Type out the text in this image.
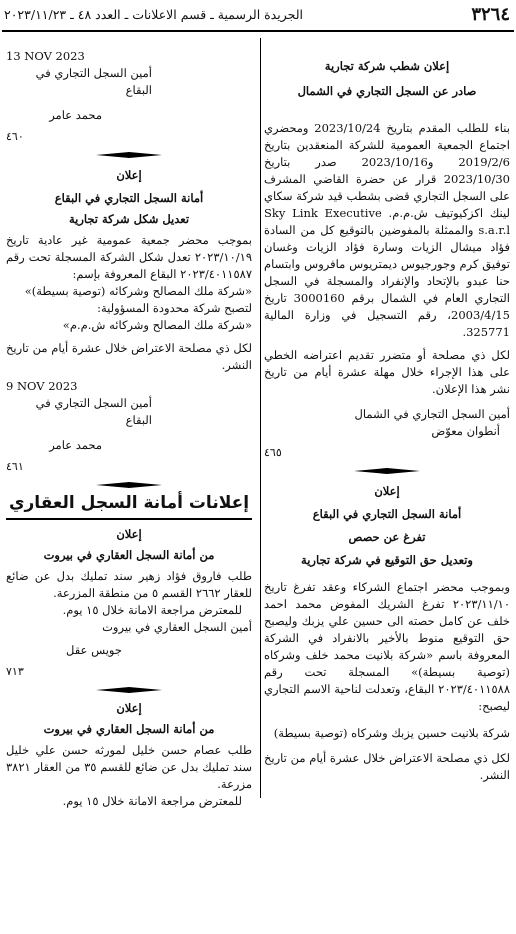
٣٢٦٤
الجريدة الرسمية ـ قسم الاعلانات ـ العدد ٤٨ ـ ٢٠٢٣/١١/٢٣

إعلان شطب شركة تجارية

صادر عن السجل التجاري في الشمال

بناء للطلب المقدم بتاريخ 2023/10/24 ومحضري اجتماع الجمعية العمومية للشركة المنعقدين بتاريخ 2019/2/6 و2023/10/16 صدر بتاريخ 2023/10/30 قرار عن حضرة القاضي المشرف على السجل التجاري قضى بشطب قيد شركة سكاي لينك اكزكيوتيف ش.م.م. Sky Link Executive s.a.r.l والممثلة بالمفوضين بالتوقيع كل من السادة فؤاد ميشال الزيات وسارة فؤاد الزيات وغسان توفيق كرم وجورجيوس ديمتريوس مافروس وابتسام حنا عبدو بالإتحاد والإنفراد والمسجلة في السجل التجاري العام في الشمال برقم 3000160 تاريخ 2003/4/15، رقم التسجيل في وزارة المالية 325771.

لكل ذي مصلحة أو متضرر تقديم اعتراضه الخطي على هذا الإجراء خلال مهلة عشرة أيام من تاريخ نشر هذا الإعلان.

أمين السجل التجاري في الشمال

أنطوان معوّض

٤٦٥

إعلان

أمانة السجل التجاري في البقاع

تفرغ عن حصص

وتعديل حق التوقيع في شركة تجارية

وبموجب محضر اجتماع الشركاء وعقد تفرغ تاريخ ٢٠٢٣/١١/١٠ تفرغ الشريك المفوض محمد احمد خلف عن كامل حصته الى حسين علي يزبك وليصبح حق التوقيع منوط بالأخير بالانفراد في الشركة المعروفة باسم «شركة بلانيت محمد خلف وشركاه (توصية بسيطة)» المسجلة تحت رقم ٢٠٢٣/٤٠١١٥٨٨ البقاع، وتعدلت لناحية الاسم التجاري ليصبح:

شركة بلانيت حسين يزبك وشركاه (توصية بسيطة)

لكل ذي مصلحة الاعتراض خلال عشرة أيام من تاريخ النشر.

13 NOV 2023

أمين السجل التجاري في البقاع

محمد عامر

٤٦٠

إعلان

أمانة السجل التجاري في البقاع

تعديل شكل شركة تجارية

بموجب محضر جمعية عمومية غير عادية تاريخ ٢٠٢٣/١٠/١٩ تعدل شكل الشركة المسجلة تحت رقم ٢٠٢٣/٤٠١١٥٨٧ البقاع المعروفة بإسم:

«شركة ملك المصالح وشركائه (توصية بسيطة)»

لتصبح شركة محدودة المسؤولية:

«شركة ملك المصالح وشركائه ش.م.م»

لكل ذي مصلحة الاعتراض خلال عشرة أيام من تاريخ النشر.

9 NOV 2023

أمين السجل التجاري في البقاع

محمد عامر

٤٦١
إعلانات أمانة السجل العقاري

إعلان

من أمانة السجل العقاري في بيروت

طلب فاروق فؤاد زهير سند تمليك بدل عن ضائع للعقار ٢٦٦٢ القسم ٥ من منطقة المزرعة.

للمعترض مراجعة الامانة خلال ١٥ يوم.

أمين السجل العقاري في بيروت

جويس عقل

٧١٣

إعلان

من أمانة السجل العقاري في بيروت

طلب عصام حسن خليل لمورثه حسن علي خليل سند تمليك بدل عن ضائع للقسم ٣٥ من العقار ٣٨٢١ مزرعة.

للمعترض مراجعة الامانة خلال ١٥ يوم.
